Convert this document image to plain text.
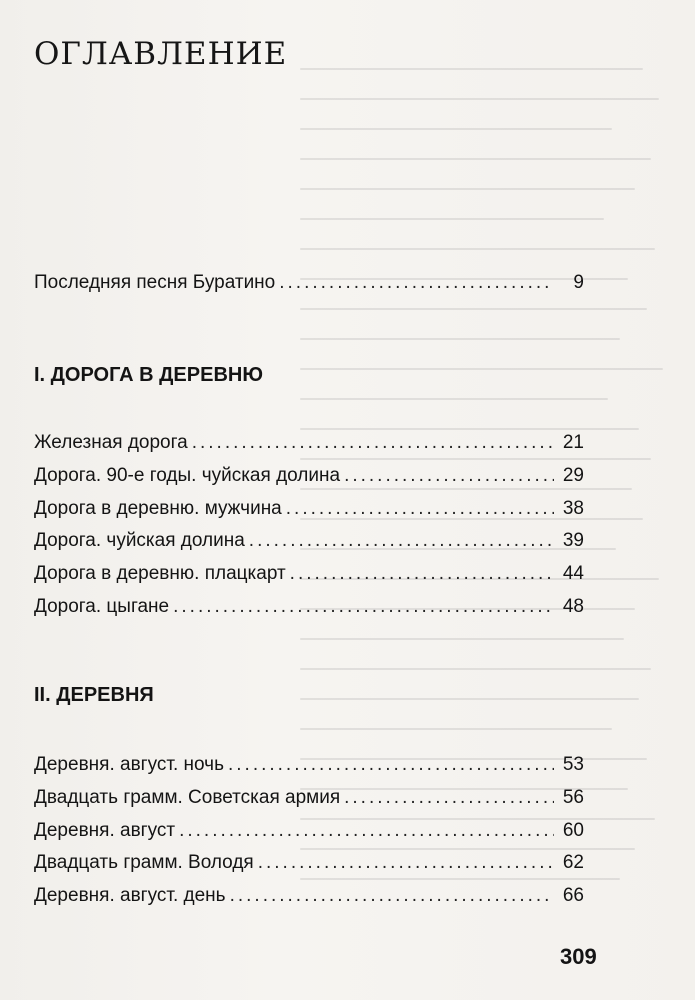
ОГЛАВЛЕНИЕ
Последняя песня Буратино .....	9
I. ДОРОГА В ДЕРЕВНЮ
Железная дорога .....	21
Дорога. 90-е годы. чуйская долина .....	29
Дорога в деревню. мужчина .....	38
Дорога. чуйская долина .....	39
Дорога в деревню. плацкарт .....	44
Дорога. цыгане .....	48
II. ДЕРЕВНЯ
Деревня. август. ночь .....	53
Двадцать грамм. Советская армия .....	56
Деревня. август .....	60
Двадцать грамм. Володя .....	62
Деревня. август. день .....	66
309
